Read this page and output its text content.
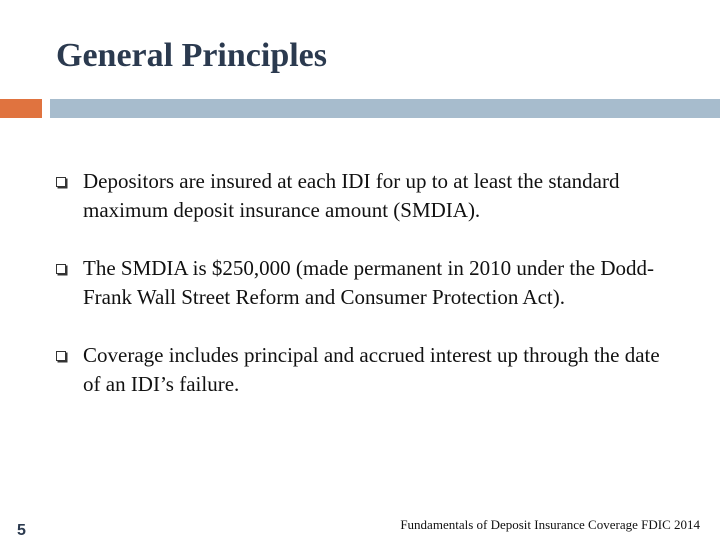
General Principles
Depositors are insured at each IDI for up to at least the standard maximum deposit insurance amount (SMDIA).
The SMDIA is $250,000 (made permanent in 2010 under the Dodd-Frank Wall Street Reform and Consumer Protection Act).
Coverage includes principal and accrued interest up through the date of an IDI’s failure.
5	Fundamentals of Deposit Insurance Coverage FDIC 2014
